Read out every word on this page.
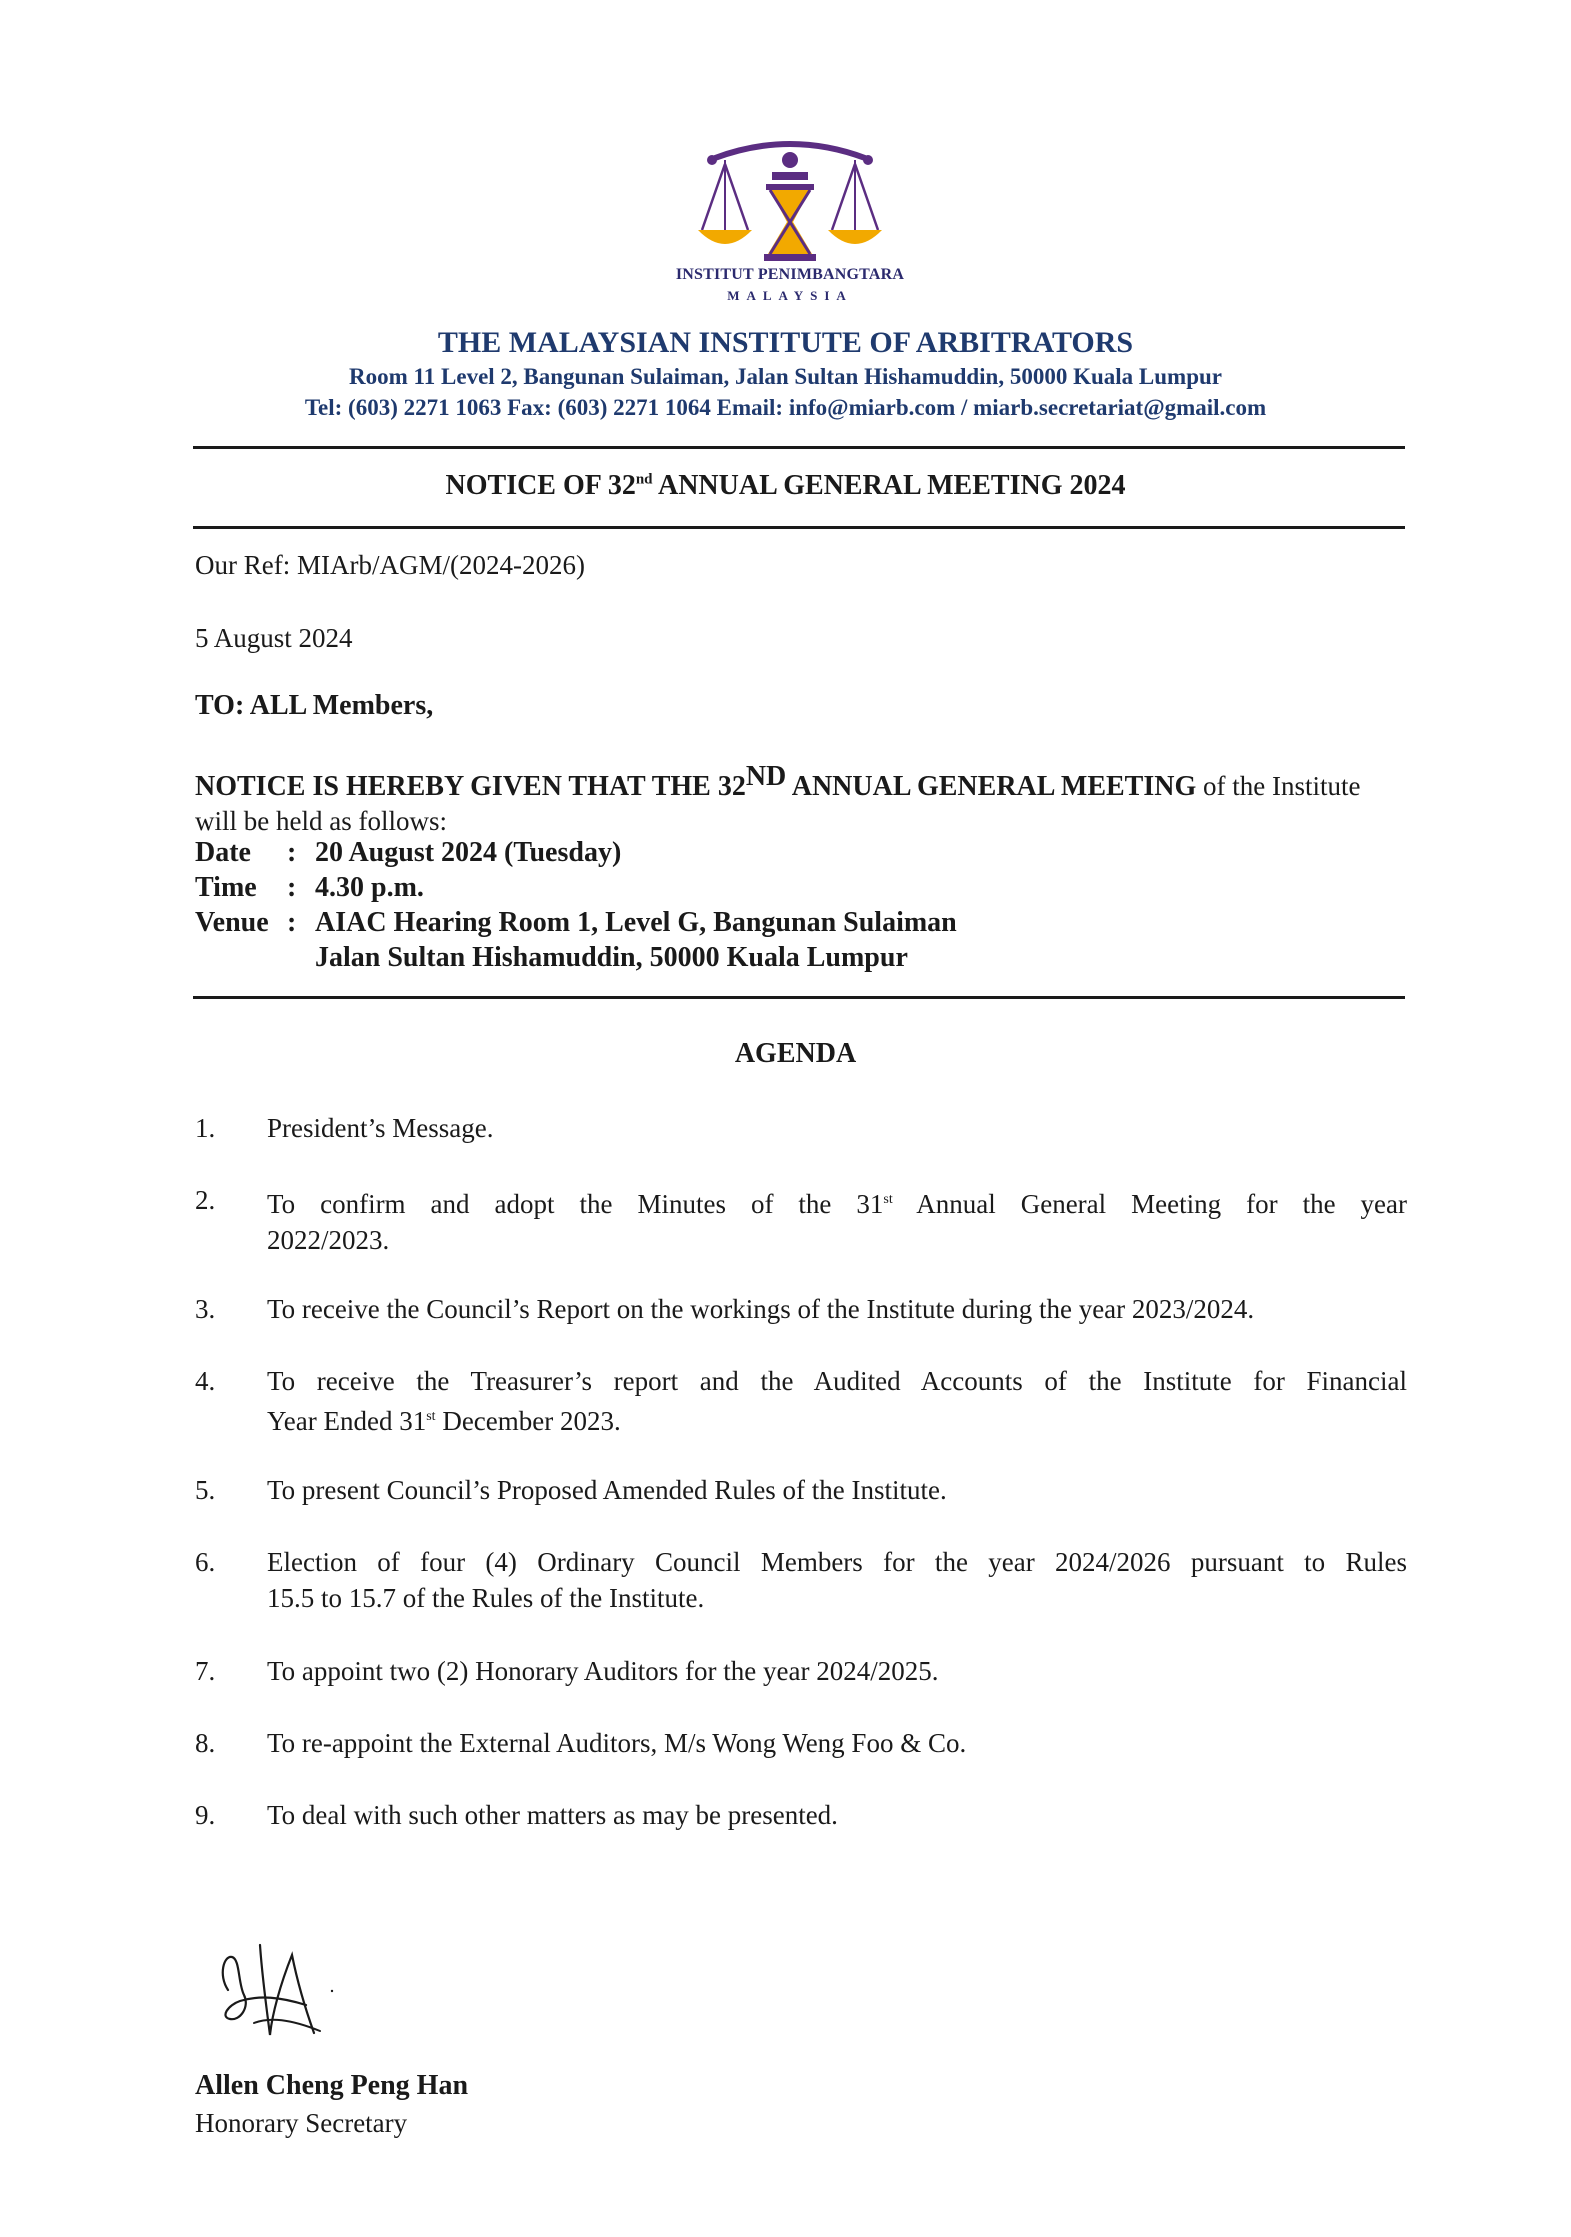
INSTITUT PENIMBANGTARA
MALAYSIA
THE MALAYSIAN INSTITUTE OF ARBITRATORS
Room 11 Level 2, Bangunan Sulaiman, Jalan Sultan Hishamuddin, 50000 Kuala Lumpur
Tel: (603) 2271 1063 Fax: (603) 2271 1064 Email: info@miarb.com / miarb.secretariat@gmail.com
NOTICE OF 32nd ANNUAL GENERAL MEETING 2024
Our Ref: MIArb/AGM/(2024-2026)
5 August 2024
TO: ALL Members,
NOTICE IS HEREBY GIVEN THAT THE 32ND ANNUAL GENERAL MEETING of the Institute will be held as follows:
Date : 20 August 2024 (Tuesday)
Time : 4.30 p.m.
Venue : AIAC Hearing Room 1, Level G, Bangunan Sulaiman
Jalan Sultan Hishamuddin, 50000 Kuala Lumpur
AGENDA
1.	President’s Message.
2.	To confirm and adopt the Minutes of the 31st Annual General Meeting for the year
2022/2023.
3.	To receive the Council’s Report on the workings of the Institute during the year 2023/2024.
4.	To receive the Treasurer’s report and the Audited Accounts of the Institute for Financial
Year Ended 31st December 2023.
5.	To present Council’s Proposed Amended Rules of the Institute.
6.	Election of four (4) Ordinary Council Members for the year 2024/2026 pursuant to Rules
15.5 to 15.7 of the Rules of the Institute.
7.	To appoint two (2) Honorary Auditors for the year 2024/2025.
8.	To re-appoint the External Auditors, M/s Wong Weng Foo & Co.
9.	To deal with such other matters as may be presented.
Allen Cheng Peng Han
Honorary Secretary
